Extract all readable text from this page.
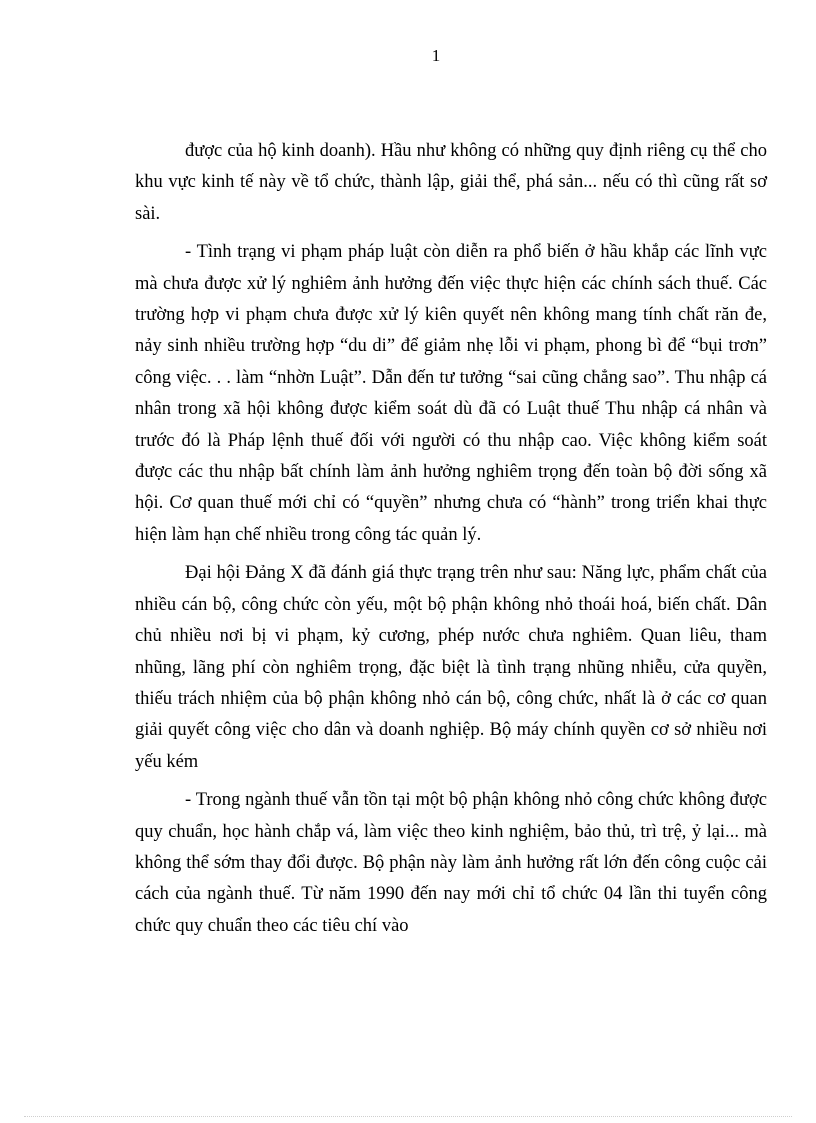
1

được của hộ kinh doanh). Hầu như không có những quy định riêng cụ thể cho khu vực kinh tế này về tổ chức, thành lập, giải thể, phá sản... nếu có thì cũng rất sơ sài.

- Tình trạng vi phạm pháp luật còn diễn ra phổ biến ở hầu khắp các lĩnh vực mà chưa được xử lý nghiêm ảnh hưởng đến việc thực hiện các chính sách thuế. Các trường hợp vi phạm chưa được xử lý kiên quyết nên không mang tính chất răn đe, nảy sinh nhiều trường hợp “du di” để giảm nhẹ lỗi vi phạm, phong bì để “bụi trơn” công việc. . . làm “nhờn Luật”. Dẫn đến tư tưởng “sai cũng chẳng sao”. Thu nhập cá nhân trong xã hội không được kiểm soát dù đã có Luật thuế Thu nhập cá nhân và trước đó là Pháp lệnh thuế đối với người có thu nhập cao. Việc không kiểm soát được các thu nhập bất chính làm ảnh hưởng nghiêm trọng đến toàn bộ đời sống xã hội. Cơ quan thuế mới chỉ có “quyền” nhưng chưa có “hành” trong triển khai thực hiện làm hạn chế nhiều trong công tác quản lý.

Đại hội Đảng X đã đánh giá thực trạng trên như sau: Năng lực, phẩm chất của nhiều cán bộ, công chức còn yếu, một bộ phận không nhỏ thoái hoá, biến chất. Dân chủ nhiều nơi bị vi phạm, kỷ cương, phép nước chưa nghiêm. Quan liêu, tham nhũng, lãng phí còn nghiêm trọng, đặc biệt là tình trạng nhũng nhiễu, cửa quyền, thiếu trách nhiệm của bộ phận không nhỏ cán bộ, công chức, nhất là ở các cơ quan giải quyết công việc cho dân và doanh nghiệp. Bộ máy chính quyền cơ sở nhiều nơi yếu kém

- Trong ngành thuế vẫn tồn tại một bộ phận không nhỏ công chức không được quy chuẩn, học hành chắp vá, làm việc theo kinh nghiệm, bảo thủ, trì trệ, ỷ lại... mà không thể sớm thay đổi được. Bộ phận này làm ảnh hưởng rất lớn đến công cuộc cải cách của ngành thuế. Từ năm 1990 đến nay mới chỉ tổ chức 04 lần thi tuyển công chức quy chuẩn theo các tiêu chí vào
